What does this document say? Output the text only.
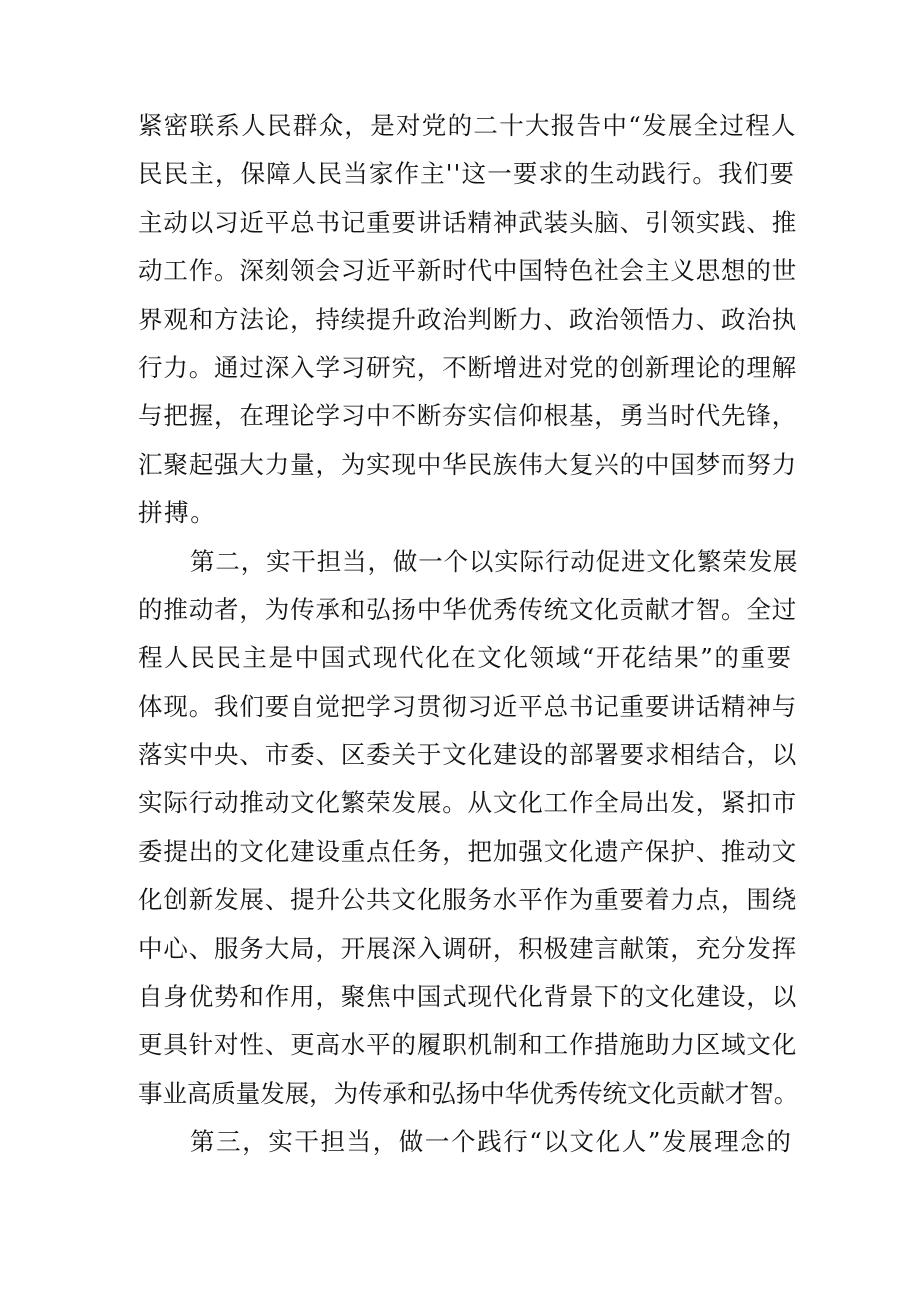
紧密联系人民群众，是对党的二十大报告中“发展全过程人
民民主，保障人民当家作主''这一要求的生动践行。我们要
主动以习近平总书记重要讲话精神武装头脑、引领实践、推
动工作。深刻领会习近平新时代中国特色社会主义思想的世
界观和方法论，持续提升政治判断力、政治领悟力、政治执
行力。通过深入学习研究，不断增进对党的创新理论的理解
与把握，在理论学习中不断夯实信仰根基，勇当时代先锋，
汇聚起强大力量，为实现中华民族伟大复兴的中国梦而努力
拼搏。
第二，实干担当，做一个以实际行动促进文化繁荣发展
的推动者，为传承和弘扬中华优秀传统文化贡献才智。全过
程人民民主是中国式现代化在文化领域“开花结果”的重要
体现。我们要自觉把学习贯彻习近平总书记重要讲话精神与
落实中央、市委、区委关于文化建设的部署要求相结合，以
实际行动推动文化繁荣发展。从文化工作全局出发，紧扣市
委提出的文化建设重点任务，把加强文化遗产保护、推动文
化创新发展、提升公共文化服务水平作为重要着力点，围绕
中心、服务大局，开展深入调研，积极建言献策，充分发挥
自身优势和作用，聚焦中国式现代化背景下的文化建设，以
更具针对性、更高水平的履职机制和工作措施助力区域文化
事业高质量发展，为传承和弘扬中华优秀传统文化贡献才智。
第三，实干担当，做一个践行“以文化人”发展理念的
